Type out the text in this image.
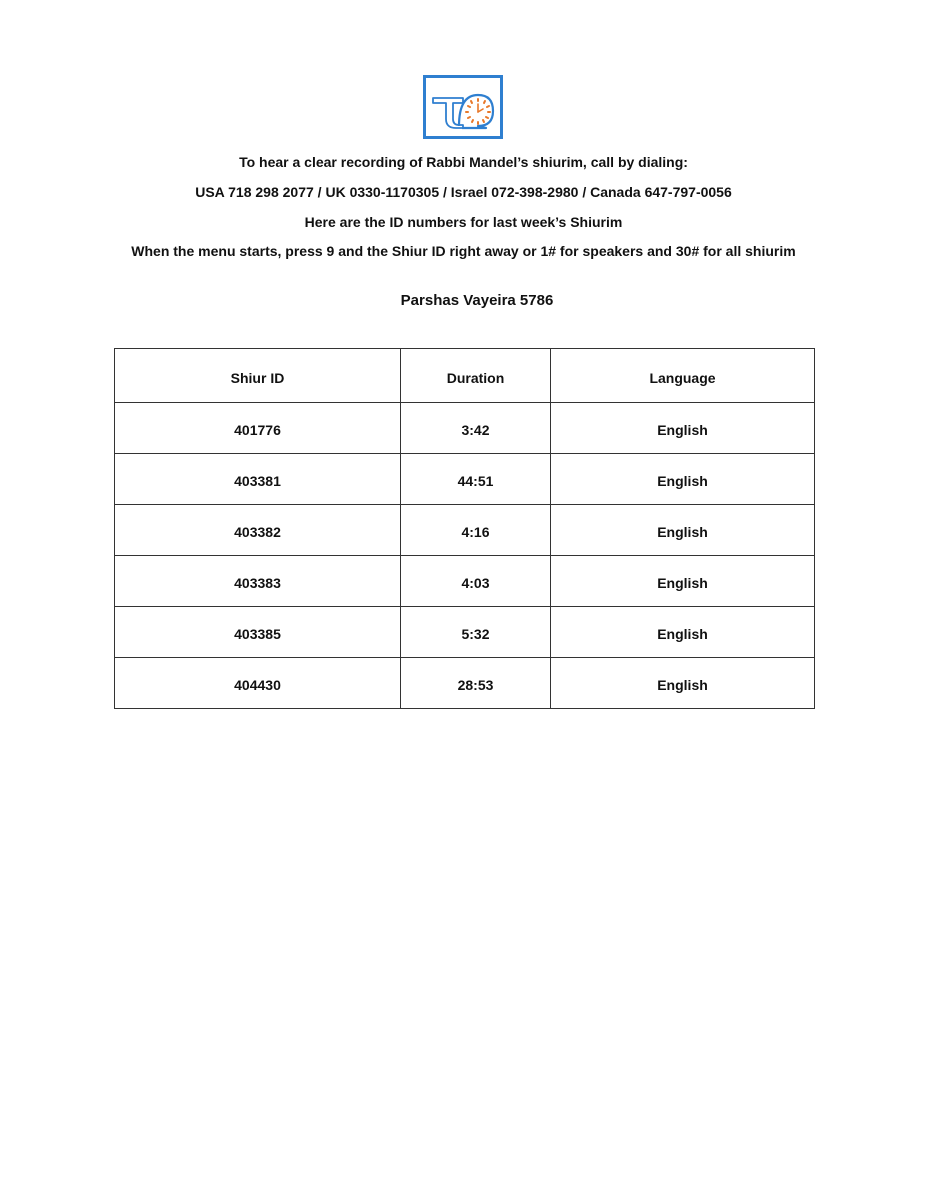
To hear a clear recording of Rabbi Mandel’s shiurim, call by dialing:
USA 718 298 2077 / UK 0330-1170305 / Israel 072-398-2980 / Canada 647-797-0056
Here are the ID numbers for last week’s Shiurim
When the menu starts, press 9 and the Shiur ID right away or 1# for speakers and 30# for all shiurim
Parshas Vayeira 5786
Shiur ID	Duration	Language
401776	3:42	English
403381	44:51	English
403382	4:16	English
403383	4:03	English
403385	5:32	English
404430	28:53	English
